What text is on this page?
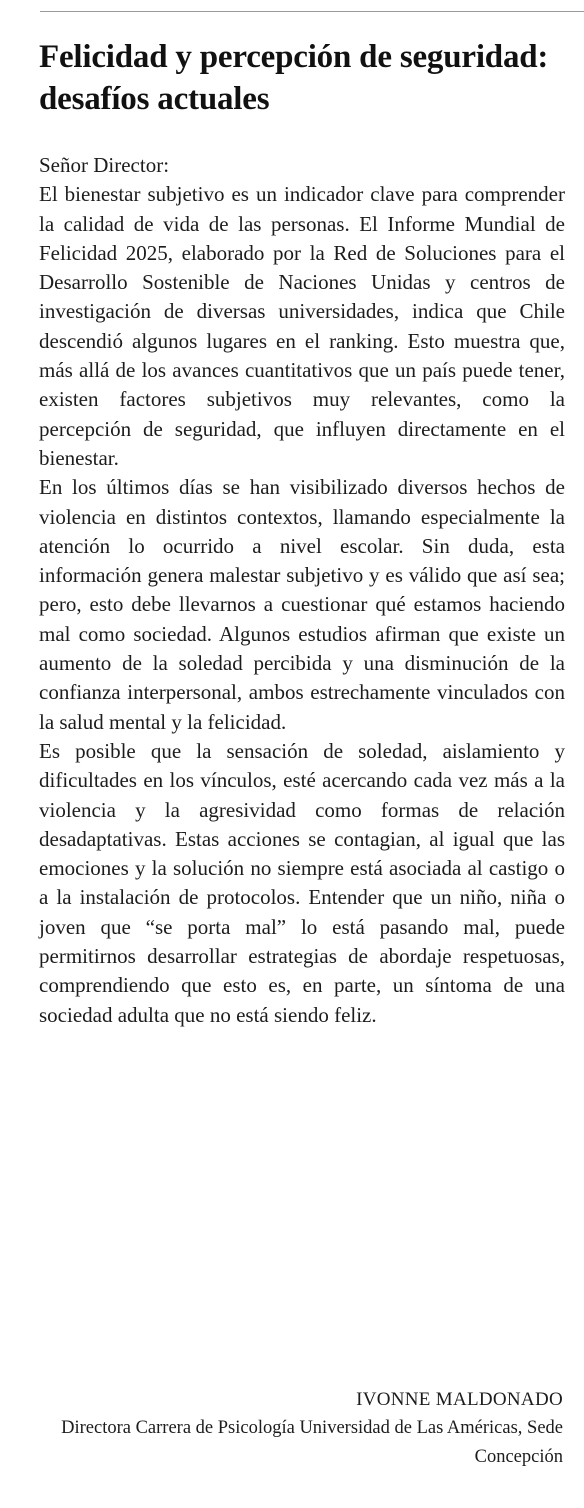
Felicidad y percepción de seguridad: desafíos actuales

Señor Director:

El bienestar subjetivo es un indicador clave para comprender la calidad de vida de las personas. El Informe Mundial de Felicidad 2025, elaborado por la Red de Soluciones para el Desarrollo Sostenible de Naciones Unidas y centros de investigación de diversas universidades, indica que Chile descendió algunos lugares en el ranking. Esto muestra que, más allá de los avances cuantitativos que un país puede tener, existen factores subjetivos muy relevantes, como la percepción de seguridad, que influyen directamente en el bienestar.

En los últimos días se han visibilizado diversos hechos de violencia en distintos contextos, llamando especialmente la atención lo ocurrido a nivel escolar. Sin duda, esta información genera malestar subjetivo y es válido que así sea; pero, esto debe llevarnos a cuestionar qué estamos haciendo mal como sociedad. Algunos estudios afirman que existe un aumento de la soledad percibida y una disminución de la confianza interpersonal, ambos estrechamente vinculados con la salud mental y la felicidad.

Es posible que la sensación de soledad, aislamiento y dificultades en los vínculos, esté acercando cada vez más a la violencia y la agresividad como formas de relación desadaptativas. Estas acciones se contagian, al igual que las emociones y la solución no siempre está asociada al castigo o a la instalación de protocolos. Entender que un niño, niña o joven que “se porta mal” lo está pasando mal, puede permitirnos desarrollar estrategias de abordaje respetuosas, comprendiendo que esto es, en parte, un síntoma de una sociedad adulta que no está siendo feliz.

IVONNE MALDONADO
Directora Carrera de Psicología Universidad de Las Américas, Sede Concepción
